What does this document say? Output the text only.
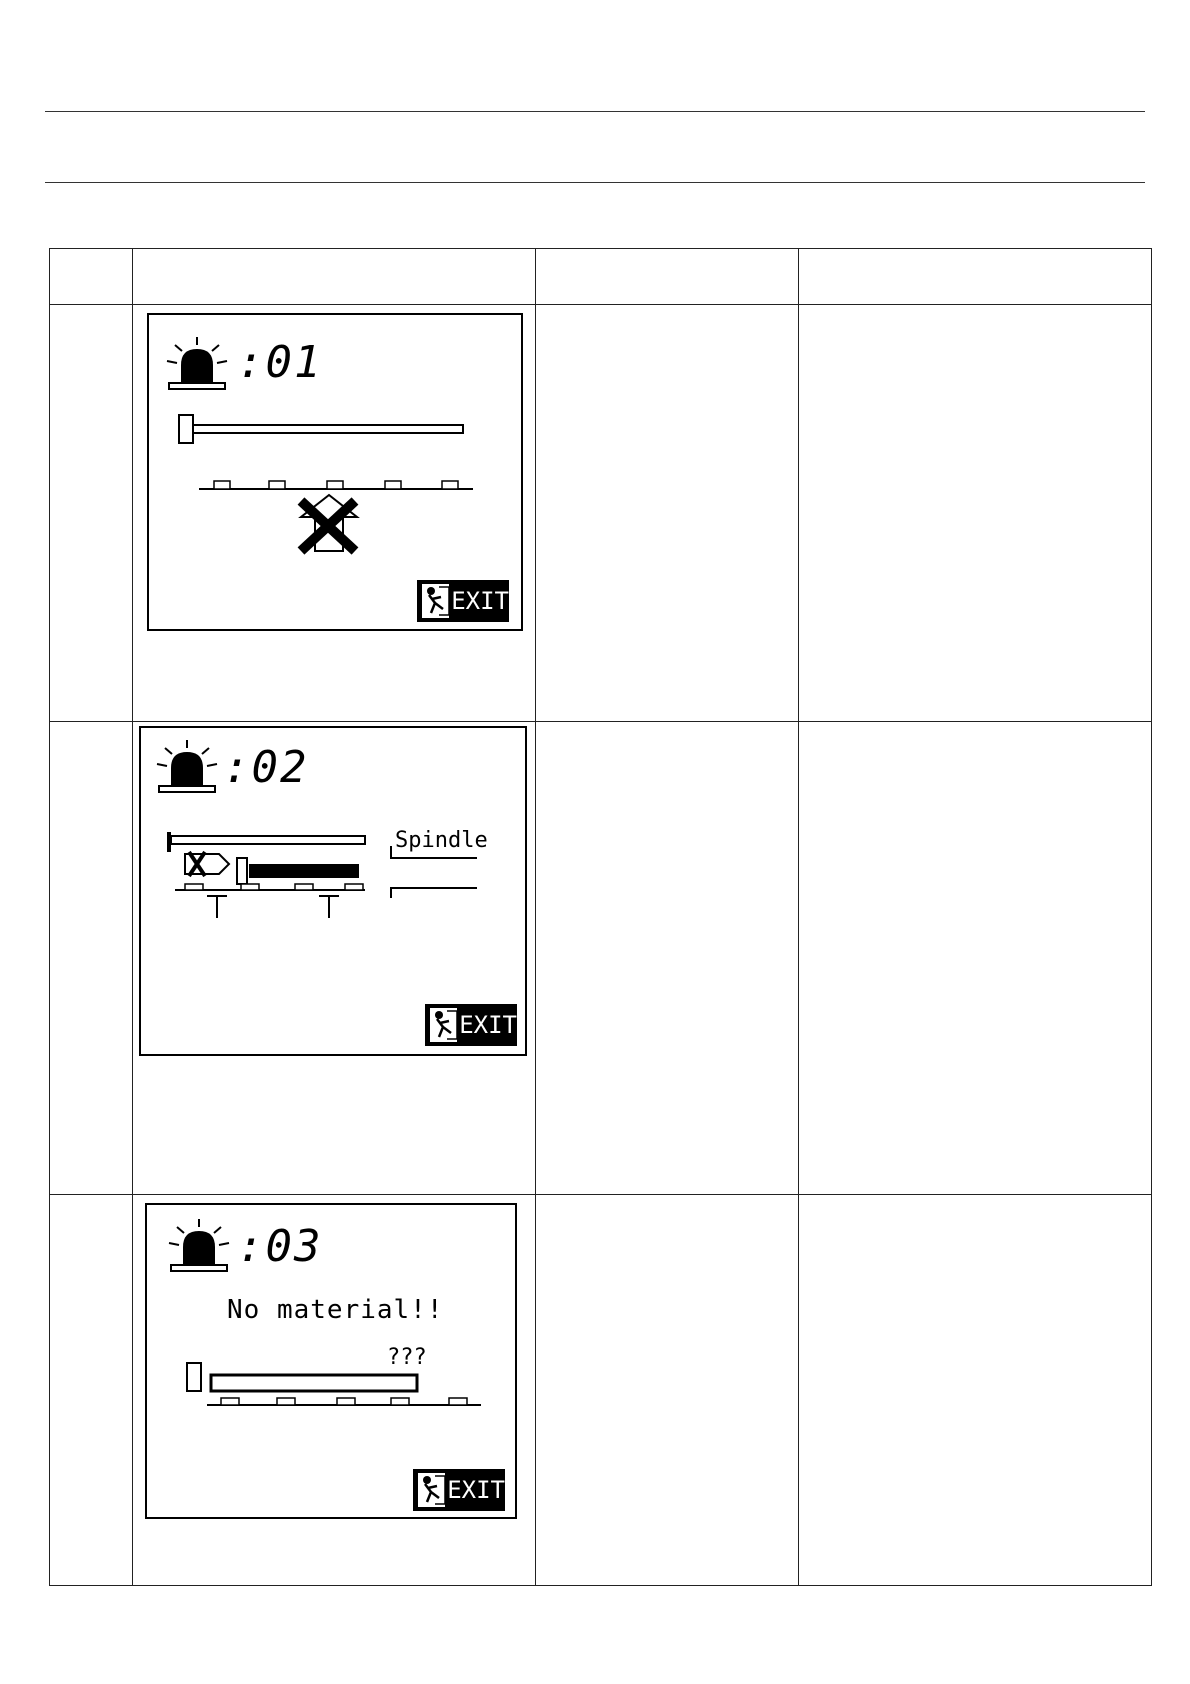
	:01
EXIT		

	:02
Spindle
EXIT		

	:03
No material!!
???
EXIT		
